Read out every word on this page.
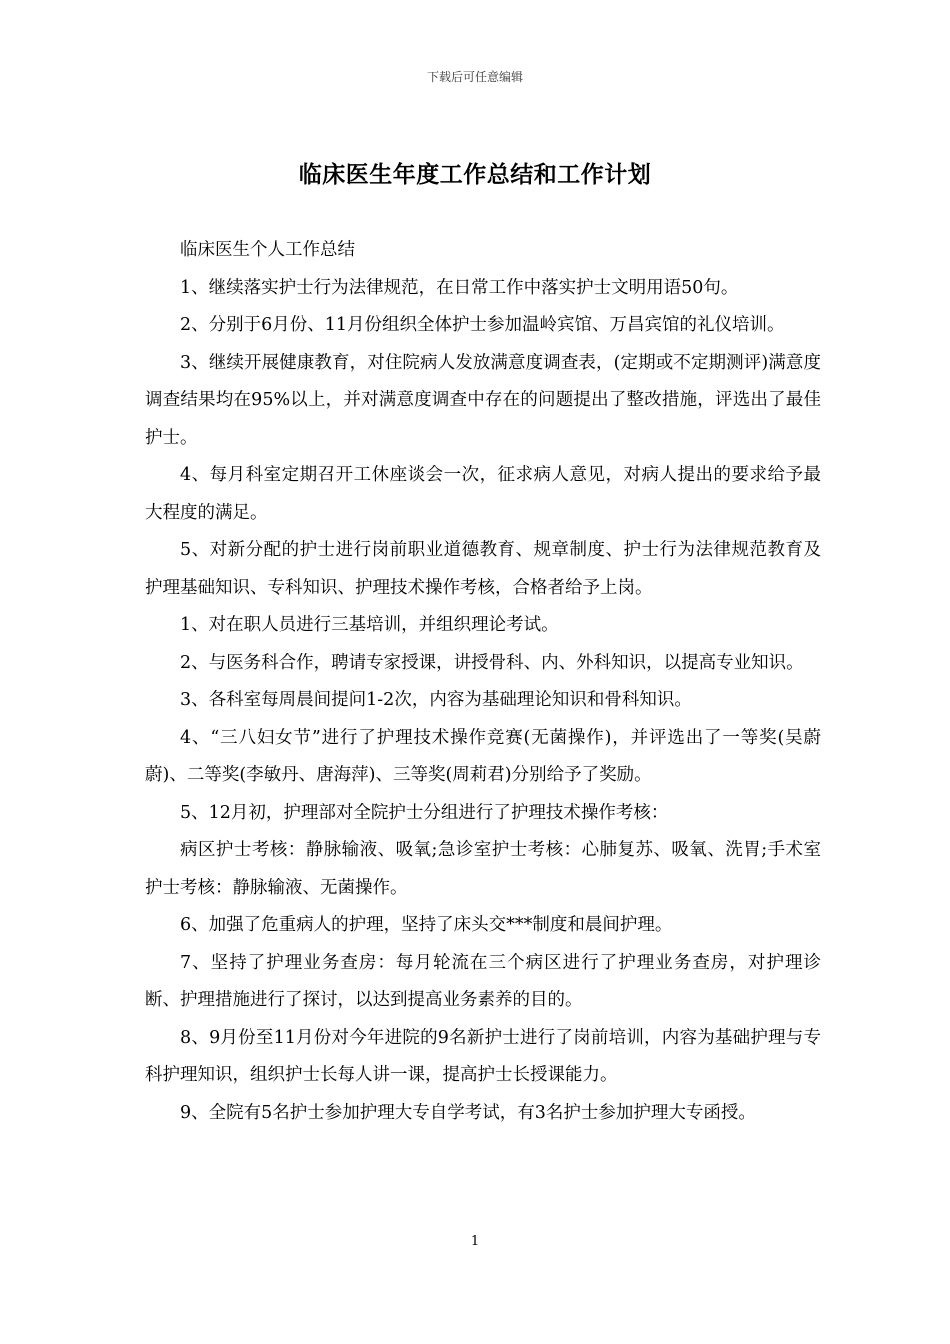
下载后可任意编辑
临床医生年度工作总结和工作计划

临床医生个人工作总结

1、继续落实护士行为法律规范，在日常工作中落实护士文明用语50句。

2、分别于6月份、11月份组织全体护士参加温岭宾馆、万昌宾馆的礼仪培训。

3、继续开展健康教育，对住院病人发放满意度调查表，(定期或不定期测评)满意度调查结果均在95%以上，并对满意度调查中存在的问题提出了整改措施，评选出了最佳护士。

4、每月科室定期召开工休座谈会一次，征求病人意见，对病人提出的要求给予最大程度的满足。

5、对新分配的护士进行岗前职业道德教育、规章制度、护士行为法律规范教育及护理基础知识、专科知识、护理技术操作考核，合格者给予上岗。

1、对在职人员进行三基培训，并组织理论考试。

2、与医务科合作，聘请专家授课，讲授骨科、内、外科知识，以提高专业知识。

3、各科室每周晨间提问1-2次，内容为基础理论知识和骨科知识。

4、“三八妇女节”进行了护理技术操作竞赛(无菌操作)，并评选出了一等奖(吴蔚蔚)、二等奖(李敏丹、唐海萍)、三等奖(周莉君)分别给予了奖励。

5、12月初，护理部对全院护士分组进行了护理技术操作考核：

病区护士考核：静脉输液、吸氧;急诊室护士考核：心肺复苏、吸氧、洗胃;手术室护士考核：静脉输液、无菌操作。

6、加强了危重病人的护理，坚持了床头交***制度和晨间护理。

7、坚持了护理业务查房：每月轮流在三个病区进行了护理业务查房，对护理诊断、护理措施进行了探讨，以达到提高业务素养的目的。

8、9月份至11月份对今年进院的9名新护士进行了岗前培训，内容为基础护理与专科护理知识，组织护士长每人讲一课，提高护士长授课能力。

9、全院有5名护士参加护理大专自学考试，有3名护士参加护理大专函授。

1
